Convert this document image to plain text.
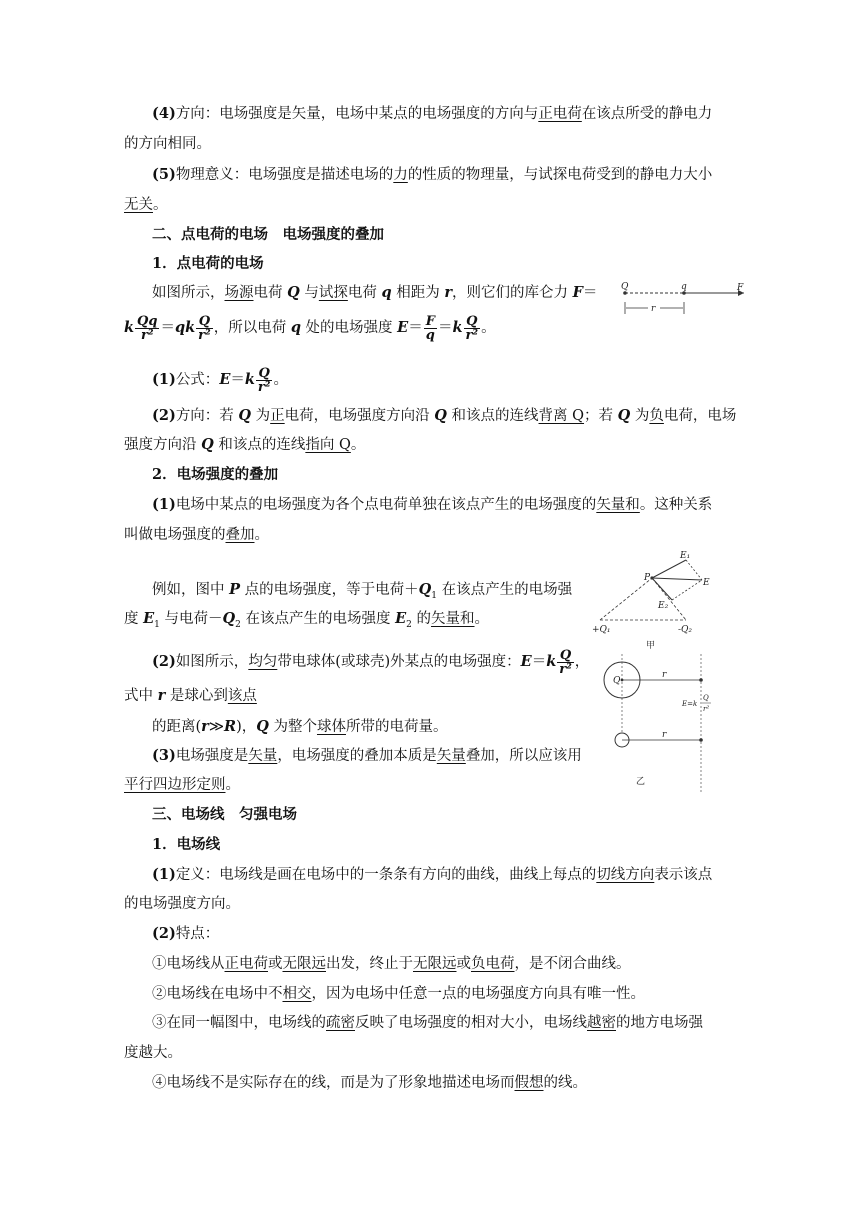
(4)方向：电场强度是矢量，电场中某点的电场强度的方向与正电荷在该点所受的静电力
的方向相同。
(5)物理意义：电场强度是描述电场的力的性质的物理量，与试探电荷受到的静电力大小
无关。
二、点电荷的电场　电场强度的叠加
1．点电荷的电场
如图所示，场源电荷 Q 与试探电荷 q 相距为 r，则它们的库仑力 F＝
k $\frac{Qq}{\text{r²}} =qk \frac{Q}{\text{r²}}$ ，所以电荷 q 处的电场强度 $E= \frac{F}{q} =k \frac{Q}{\text{r²}}$ 。
Q	q	F
r
(1)公式：$E=k \frac{Q}{\text{r²}}$ 。
(2)方向：若 Q 为正电荷，电场强度方向沿 Q 和该点的连线背离 Q；若 Q 为负电荷，电场
强度方向沿 Q 和该点的连线指向 Q。
2．电场强度的叠加
(1)电场中某点的电场强度为各个点电荷单独在该点产生的电场强度的矢量和。这种关系
叫做电场强度的叠加。
例如，图中 P 点的电场强度，等于电荷$+Q_1$ 在该点产生的电场强
度 $E_1$ 与电荷$-Q_2$ 在该点产生的电场强度 $E_2$ 的矢量和。
E₁
E
E₂
P
+Q₁	-Q₂
甲
(2)如图所示，均匀带电球体(或球壳)外某点的电场强度：$E=k \frac{Q}{\text{r²}}$ ，
式中 r 是球心到该点
的距离(r≫R)，Q 为整个球体所带的电荷量。
Q
r
E=k
Q
r²
r
乙
(3)电场强度是矢量，电场强度的叠加本质是矢量叠加，所以应该用
平行四边形定则。
三、电场线　匀强电场
1．电场线
(1)定义：电场线是画在电场中的一条条有方向的曲线，曲线上每点的切线方向表示该点
的电场强度方向。
(2)特点：
①电场线从正电荷或无限远出发，终止于无限远或负电荷，是不闭合曲线。
②电场线在电场中不相交，因为电场中任意一点的电场强度方向具有唯一性。
③在同一幅图中，电场线的疏密反映了电场强度的相对大小，电场线越密的地方电场强
度越大。
④电场线不是实际存在的线，而是为了形象地描述电场而假想的线。
